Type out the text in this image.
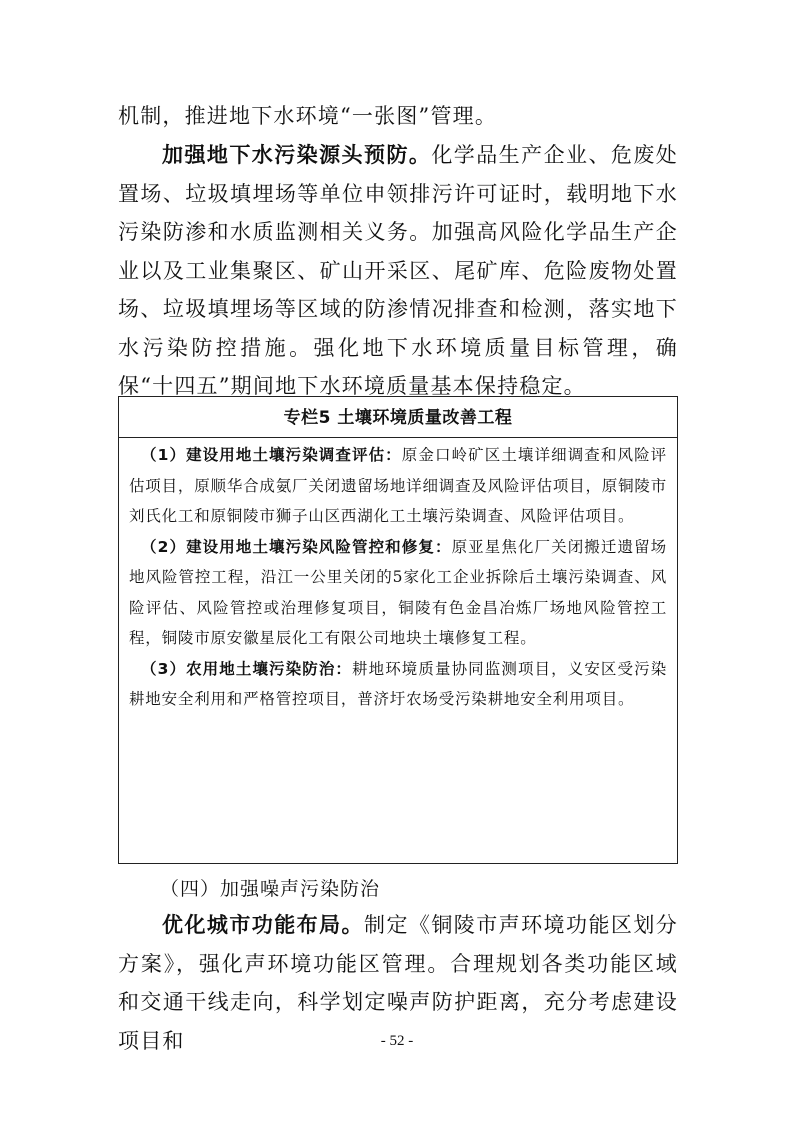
机制，推进地下水环境“一张图”管理。
加强地下水污染源头预防。化学品生产企业、危废处置场、垃圾填埋场等单位申领排污许可证时，载明地下水污染防渗和水质监测相关义务。加强高风险化学品生产企业以及工业集聚区、矿山开采区、尾矿库、危险废物处置场、垃圾填埋场等区域的防渗情况排查和检测，落实地下水污染防控措施。强化地下水环境质量目标管理，确保“十四五”期间地下水环境质量基本保持稳定。
专栏5 土壤环境质量改善工程
（1）建设用地土壤污染调查评估：原金口岭矿区土壤详细调查和风险评估项目，原顺华合成氨厂关闭遗留场地详细调查及风险评估项目，原铜陵市刘氏化工和原铜陵市狮子山区西湖化工土壤污染调查、风险评估项目。
（2）建设用地土壤污染风险管控和修复：原亚星焦化厂关闭搬迁遗留场地风险管控工程，沿江一公里关闭的5家化工企业拆除后土壤污染调查、风险评估、风险管控或治理修复项目，铜陵有色金昌冶炼厂场地风险管控工程，铜陵市原安徽星辰化工有限公司地块土壤修复工程。
（3）农用地土壤污染防治：耕地环境质量协同监测项目，义安区受污染耕地安全利用和严格管控项目，普济圩农场受污染耕地安全利用项目。
（四）加强噪声污染防治
优化城市功能布局。制定《铜陵市声环境功能区划分方案》，强化声环境功能区管理。合理规划各类功能区域和交通干线走向，科学划定噪声防护距离，充分考虑建设项目和	- 52 -
